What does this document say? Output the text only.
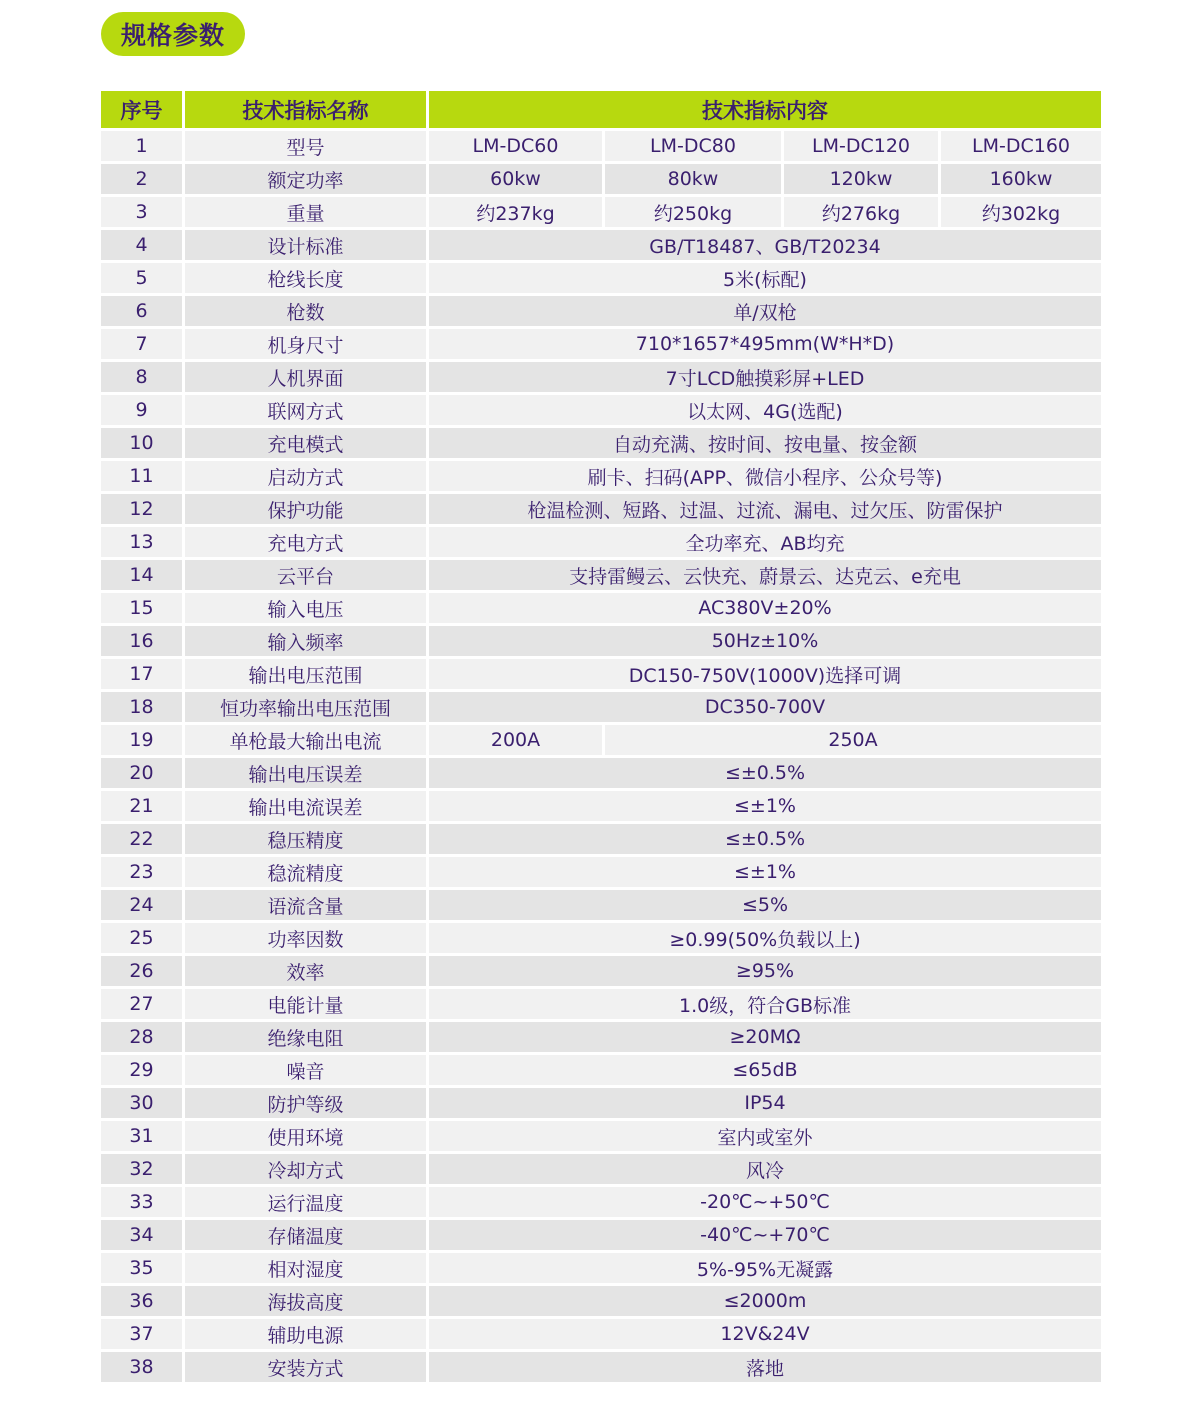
规格参数
序号	技术指标名称	技术指标内容			
1	型号	LM-DC60	LM-DC80	LM-DC120	LM-DC160
2	额定功率	60kw	80kw	120kw	160kw
3	重量	约237kg	约250kg	约276kg	约302kg
4	设计标准	GB/T18487、GB/T20234			
5	枪线长度	5米(标配)			
6	枪数	单/双枪			
7	机身尺寸	710*1657*495mm(W*H*D)			
8	人机界面	7寸LCD触摸彩屏+LED			
9	联网方式	以太网、4G(选配)			
10	充电模式	自动充满、按时间、按电量、按金额			
11	启动方式	刷卡、扫码(APP、微信小程序、公众号等)			
12	保护功能	枪温检测、短路、过温、过流、漏电、过欠压、防雷保护			
13	充电方式	全功率充、AB均充			
14	云平台	支持雷鳗云、云快充、蔚景云、达克云、e充电			
15	输入电压	AC380V±20%			
16	输入频率	50Hz±10%			
17	输出电压范围	DC150-750V(1000V)选择可调			
18	恒功率输出电压范围	DC350-700V			
19	单枪最大输出电流	200A	250A		
20	输出电压误差	≤±0.5%			
21	输出电流误差	≤±1%			
22	稳压精度	≤±0.5%			
23	稳流精度	≤±1%			
24	语流含量	≤5%			
25	功率因数	≥0.99(50%负载以上)			
26	效率	≥95%			
27	电能计量	1.0级，符合GB标准			
28	绝缘电阻	≥20MΩ			
29	噪音	≤65dB			
30	防护等级	IP54			
31	使用环境	室内或室外			
32	冷却方式	风冷			
33	运行温度	-20℃~+50℃			
34	存储温度	-40℃~+70℃			
35	相对湿度	5%-95%无凝露			
36	海拔高度	≤2000m			
37	辅助电源	12V&24V			
38	安装方式	落地			
